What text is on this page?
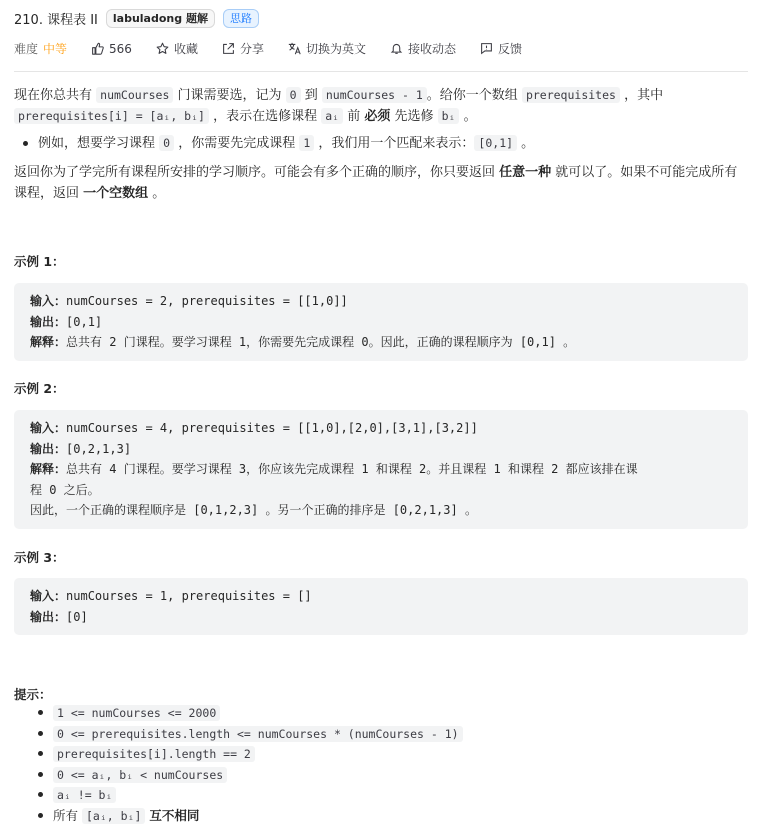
210. 课程表 II	labuladong 题解	思路
难度 中等	566	收藏	分享	切换为英文	接收动态	反馈

现在你总共有 numCourses 门课需要选，记为 0 到 numCourses - 1 。给你一个数组 prerequisites ，其中
prerequisites[i] = [aᵢ, bᵢ] ，表示在选修课程 aᵢ 前 必须 先选修 bᵢ 。

例如，想要学习课程 0 ，你需要先完成课程 1 ，我们用一个匹配来表示： [0,1] 。

返回你为了学完所有课程所安排的学习顺序。可能会有多个正确的顺序，你只要返回 任意一种 就可以了。如果不可能完成所有课程，返回 一个空数组 。

示例 1：
输入：numCourses = 2, prerequisites = [[1,0]]
输出：[0,1]
解释：总共有 2 门课程。要学习课程 1，你需要先完成课程 0。因此，正确的课程顺序为 [0,1] 。
示例 2：
输入：numCourses = 4, prerequisites = [[1,0],[2,0],[3,1],[3,2]]
输出：[0,2,1,3]
解释：总共有 4 门课程。要学习课程 3，你应该先完成课程 1 和课程 2。并且课程 1 和课程 2 都应该排在课
程 0 之后。
因此，一个正确的课程顺序是 [0,1,2,3] 。另一个正确的排序是 [0,2,1,3] 。
示例 3：
输入：numCourses = 1, prerequisites = []
输出：[0]
提示：
1 <= numCourses <= 2000
0 <= prerequisites.length <= numCourses * (numCourses - 1)
prerequisites[i].length == 2
0 <= aᵢ, bᵢ < numCourses
aᵢ != bᵢ
所有 [aᵢ, bᵢ] 互不相同
